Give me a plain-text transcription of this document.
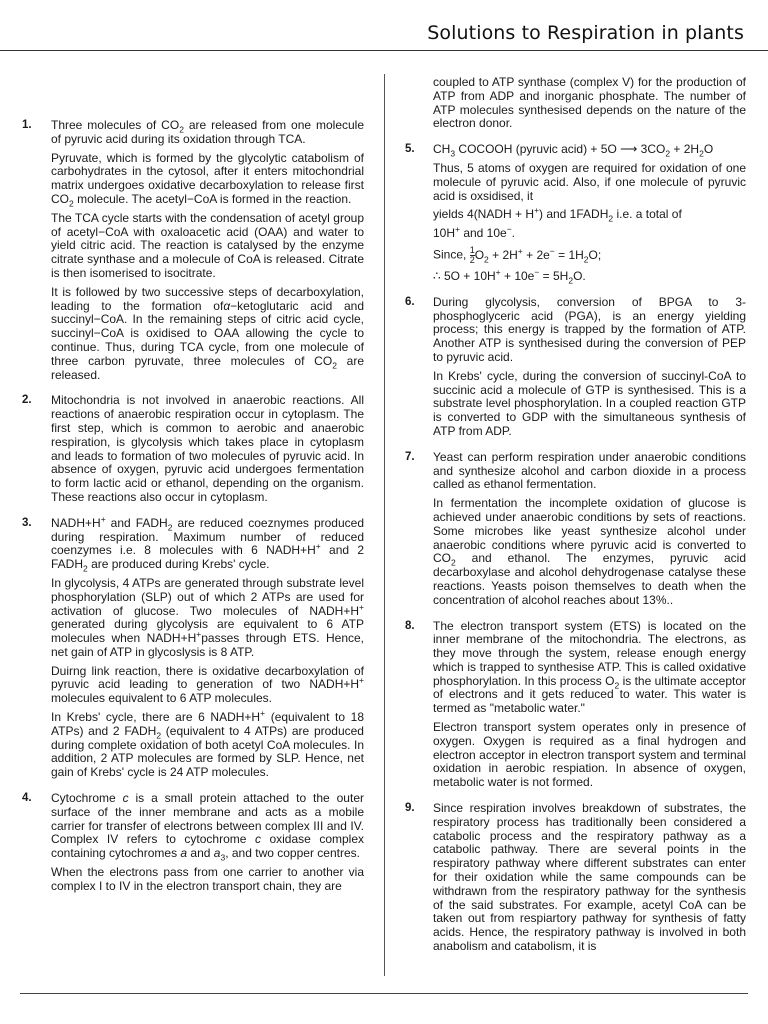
Solutions to Respiration in plants
1. Three molecules of $CO_2$ are released from one molecule of pyruvic acid during its oxidation through TCA.

Pyruvate, which is formed by the glycolytic catabolism of carbohydrates in the cytosol, after it enters mitochondrial matrix undergoes oxidative decarboxylation to release first $CO_2$ molecule. The acetyl−CoA is formed in the reaction.

The TCA cycle starts with the condensation of acetyl group of acetyl−CoA with oxaloacetic acid (OAA) and water to yield citric acid. The reaction is catalysed by the enzyme citrate synthase and a molecule of CoA is released. Citrate is then isomerised to isocitrate.

It is followed by two successive steps of decarboxylation, leading to the formation ofα−ketoglutaric acid and succinyl−CoA. In the remaining steps of citric acid cycle, succinyl−CoA is oxidised to OAA allowing the cycle to continue. Thus, during TCA cycle, from one molecule of three carbon pyruvate, three molecules of $CO_2$ are released.

2. Mitochondria is not involved in anaerobic reactions. All reactions of anaerobic respiration occur in cytoplasm. The first step, which is common to aerobic and anaerobic respiration, is glycolysis which takes place in cytoplasm and leads to formation of two molecules of pyruvic acid. In absence of oxygen, pyruvic acid undergoes fermentation to form lactic acid or ethanol, depending on the organism. These reactions also occur in cytoplasm.

3. NADH+H+ and $FADH_2$ are reduced coeznymes produced during respiration. Maximum number of reduced coenzymes i.e. 8 molecules with 6 NADH+H+ and 2 $FADH_2$ are produced during Krebs' cycle.

In glycolysis, 4 ATPs are generated through substrate level phosphorylation (SLP) out of which 2 ATPs are used for activation of glucose. Two molecules of NADH+H+ generated during glycolysis are equivalent to 6 ATP molecules when NADH+H+passes through ETS. Hence, net gain of ATP in glycoslysis is 8 ATP.

Duirng link reaction, there is oxidative decarboxylation of pyruvic acid leading to generation of two NADH+H+ molecules equivalent to 6 ATP molecules.

In Krebs' cycle, there are 6 NADH+H+ (equivalent to 18 ATPs) and 2 $FADH_2$ (equivalent to 4 ATPs) are produced during complete oxidation of both acetyl CoA molecules. In addition, 2 ATP molecules are formed by SLP. Hence, net gain of Krebs' cycle is 24 ATP molecules.

4. Cytochrome c is a small protein attached to the outer surface of the inner membrane and acts as a mobile carrier for transfer of electrons between complex III and IV. Complex IV refers to cytochrome c oxidase complex containing cytochromes a and $a_3$, and two copper centres.

When the electrons pass from one carrier to another via complex I to IV in the electron transport chain, they are

coupled to ATP synthase (complex V) for the production of ATP from ADP and inorganic phosphate. The number of ATP molecules synthesised depends on the nature of the electron donor.

5. $CH_3$ COCOOH (pyruvic acid) + 5O ⟶ $3CO_2 + 2H_2O$

Thus, 5 atoms of oxygen are required for oxidation of one molecule of pyruvic acid. Also, if one molecule of pyruvic acid is oxsidised, it

yields 4(NADH + H+) and $1FADH_2$ i.e. a total of

10H+ and 10e−.

Since, $\frac{1}{2} O_2 + 2H^+ + 2e^- = 1H_2O$;

∴ $5O + 10H^+ + 10e^- = 5H_2O$.

6. During glycolysis, conversion of BPGA to 3-phosphoglyceric acid (PGA), is an energy yielding process; this energy is trapped by the formation of ATP. Another ATP is synthesised during the conversion of PEP to pyruvic acid.

In Krebs' cycle, during the conversion of succinyl-CoA to succinic acid a molecule of GTP is synthesised. This is a substrate level phosphorylation. In a coupled reaction GTP is converted to GDP with the simultaneous synthesis of ATP from ADP.

7. Yeast can perform respiration under anaerobic conditions and synthesize alcohol and carbon dioxide in a process called as ethanol fermentation.

In fermentation the incomplete oxidation of glucose is achieved under anaerobic conditions by sets of reactions. Some microbes like yeast synthesize alcohol under anaerobic conditions where pyruvic acid is converted to $CO_2$ and ethanol. The enzymes, pyruvic acid decarboxylase and alcohol dehydrogenase catalyse these reactions. Yeasts poison themselves to death when the concentration of alcohol reaches about 13%..

8. The electron transport system (ETS) is located on the inner membrane of the mitochondria. The electrons, as they move through the system, release enough energy which is trapped to synthesise ATP. This is called oxidative phosphorylation. In this process $O_2$ is the ultimate acceptor of electrons and it gets reduced to water. This water is termed as "metabolic water."

Electron transport system operates only in presence of oxygen. Oxygen is required as a final hydrogen and electron acceptor in electron transport system and terminal oxidation in aerobic respiation. In absence of oxygen, metabolic water is not formed.

9. Since respiration involves breakdown of substrates, the respiratory process has traditionally been considered a catabolic process and the respiratory pathway as a catabolic pathway. There are several points in the respiratory pathway where different substrates can enter for their oxidation while the same compounds can be withdrawn from the respiratory pathway for the synthesis of the said substrates. For example, acetyl CoA can be taken out from respiartory pathway for synthesis of fatty acids. Hence, the respiratory pathway is involved in both anabolism and catabolism, it is
